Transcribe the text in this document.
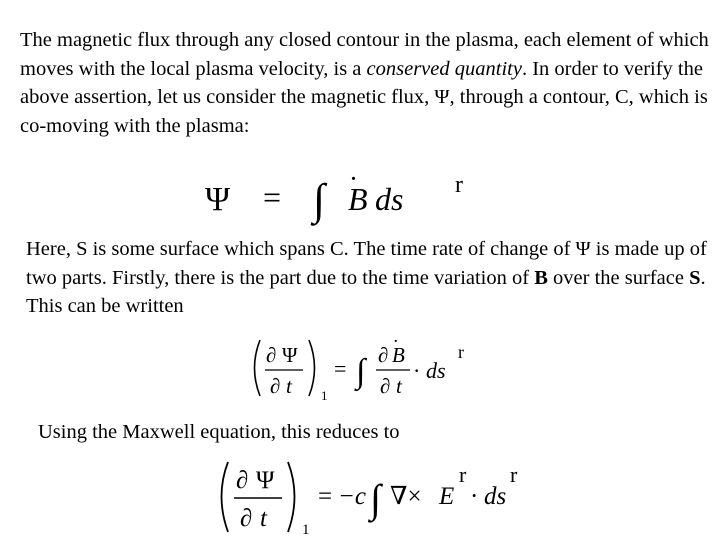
The magnetic flux through any closed contour in the plasma, each element of which moves with the local plasma velocity, is a conserved quantity. In order to verify the above assertion, let us consider the magnetic flux, Ψ, through a contour, C, which is co-moving with the plasma:

Ψ = ∫
.
B ds r

Here, S is some surface which spans C. The time rate of change of Ψ is made up of two parts. Firstly, there is the part due to the time variation of B over the surface S. This can be written

∂ Ψ
∂ t 1
= ∫
.
∂ B
∂ t
· ds
r

Using the Maxwell equation, this reduces to

∂ Ψ
∂ t 1
= −c ∫ ∇× E
r
· ds
r
